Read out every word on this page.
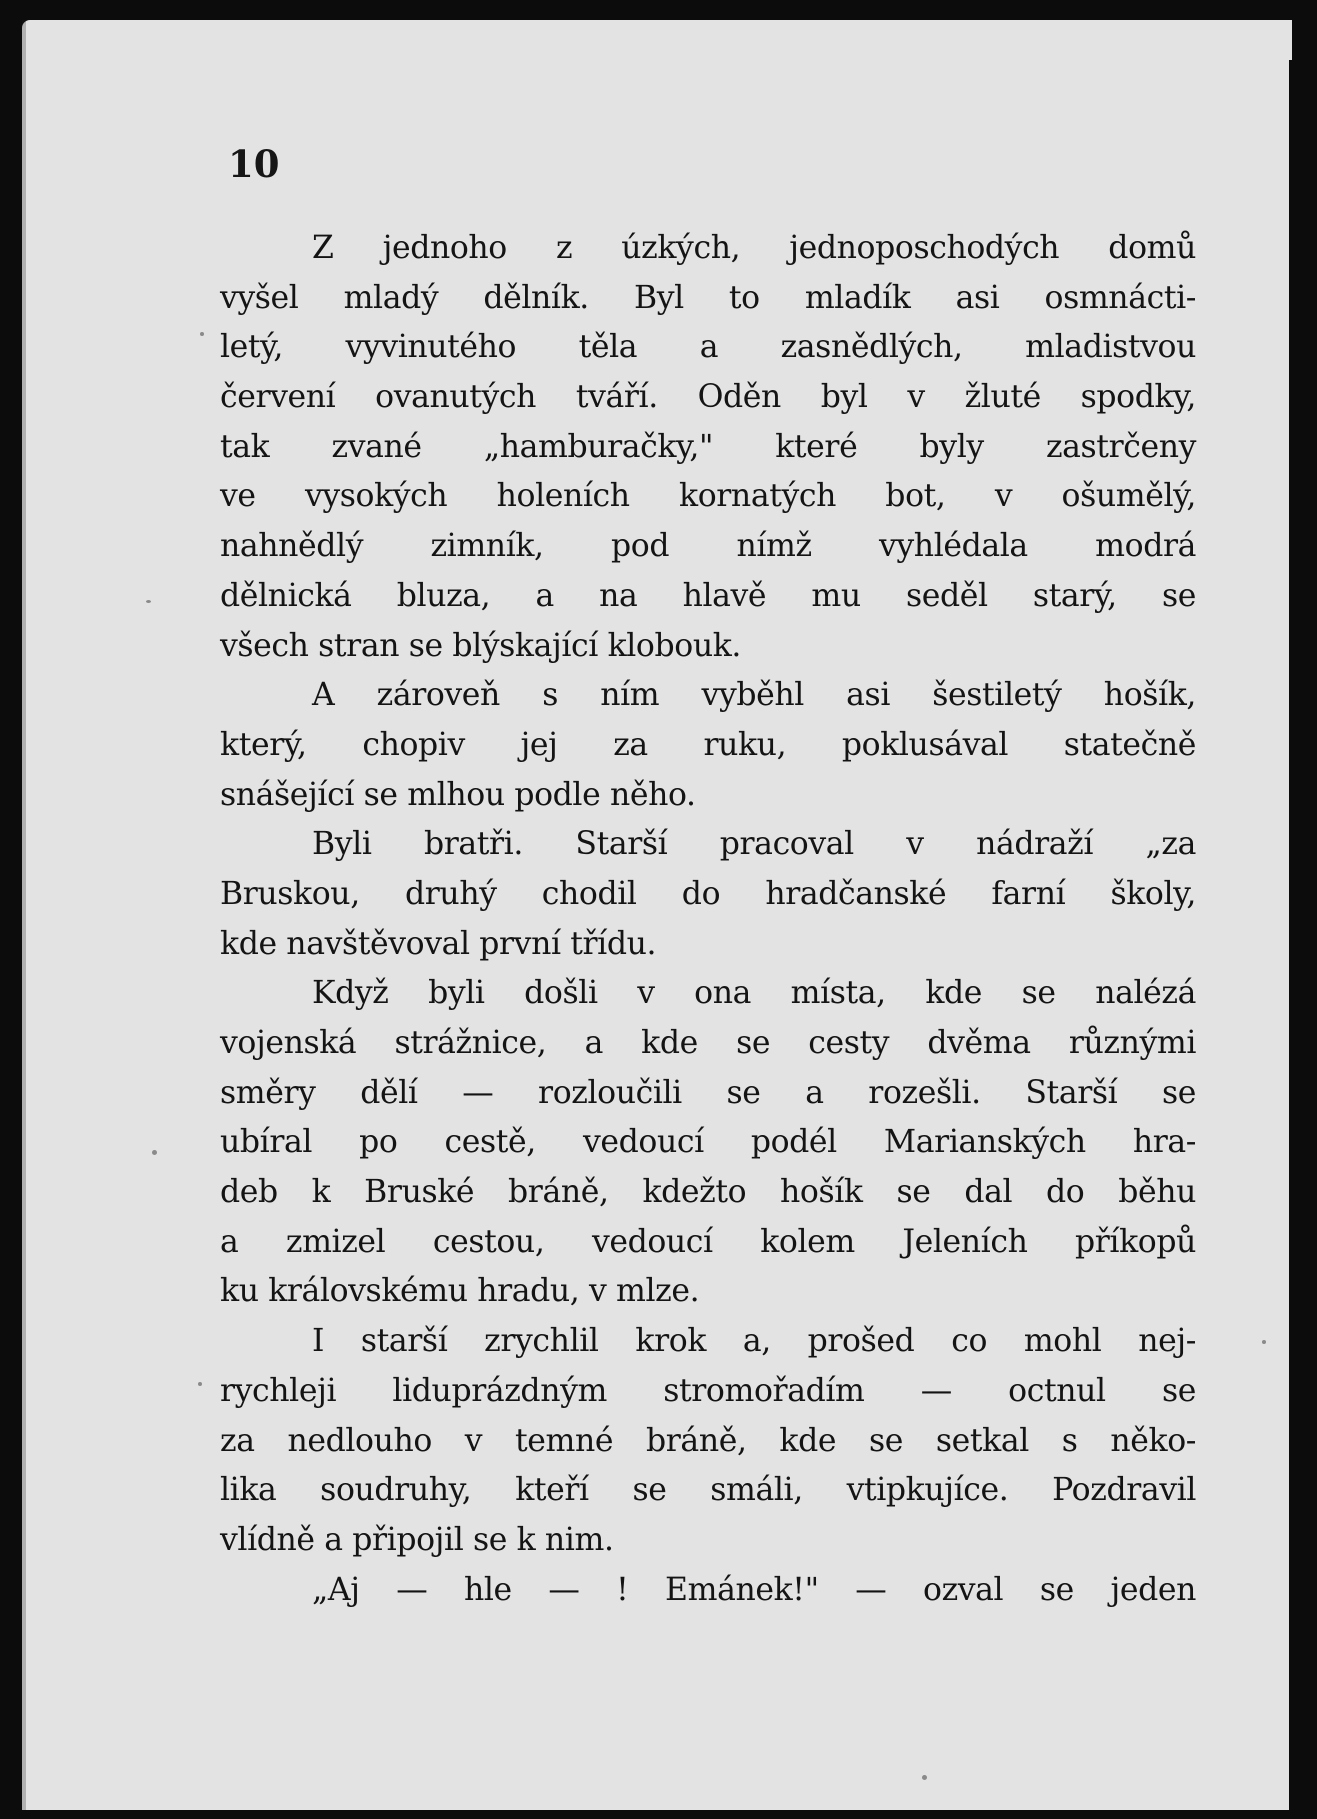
10
Z jednoho z úzkých, jednoposchodých domů
vyšel mladý dělník. Byl to mladík asi osmnácti-
letý, vyvinutého těla a zasnědlých, mladistvou
červení ovanutých tváří. Oděn byl v žluté spodky,
tak zvané „hamburačky," které byly zastrčeny
ve vysokých holeních kornatých bot, v ošumělý,
nahnědlý zimník, pod nímž vyhlédala modrá
dělnická bluza, a na hlavě mu seděl starý, se
všech stran se blýskající klobouk.
A zároveň s ním vyběhl asi šestiletý hošík,
který, chopiv jej za ruku, poklusával statečně
snášející se mlhou podle něho.
Byli bratři. Starší pracoval v nádraží „za
Bruskou, druhý chodil do hradčanské farní školy,
kde navštěvoval první třídu.
Když byli došli v ona místa, kde se nalézá
vojenská strážnice, a kde se cesty dvěma různými
směry dělí — rozloučili se a rozešli. Starší se
ubíral po cestě, vedoucí podél Marianských hra-
deb k Bruské bráně, kdežto hošík se dal do běhu
a zmizel cestou, vedoucí kolem Jeleních příkopů
ku královskému hradu, v mlze.
I starší zrychlil krok a, prošed co mohl nej-
rychleji liduprázdným stromořadím — octnul se
za nedlouho v temné bráně, kde se setkal s něko-
lika soudruhy, kteří se smáli, vtipkujíce. Pozdravil
vlídně a připojil se k nim.
„Aj — hle — ! Emánek!" — ozval se jeden
